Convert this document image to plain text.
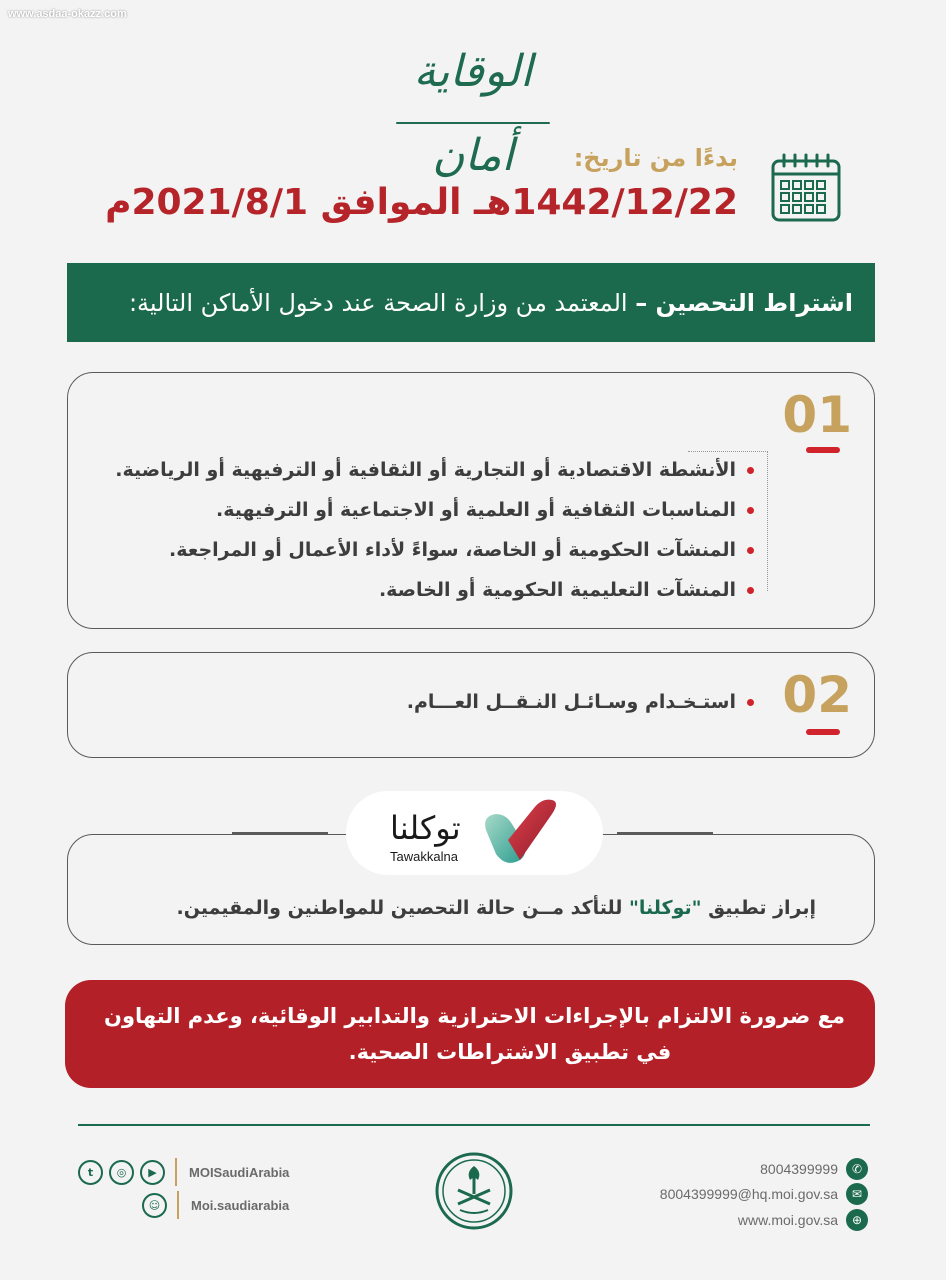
www.asdaa-okazz.com
الوقاية أمان	بدءًا من تاريخ:
1442/12/22هـ الموافق 2021/8/1م
اشتراط التحصين –
المعتمد من وزارة الصحة عند دخول الأماكن التالية:
01
الأنشطة الاقتصادية أو التجارية أو الثقافية أو الترفيهية أو الرياضية.
المناسبات الثقافية أو العلمية أو الاجتماعية أو الترفيهية.
المنشآت الحكومية أو الخاصة، سواءً لأداء الأعمال أو المراجعة.
المنشآت التعليمية الحكومية أو الخاصة.
02
استـخـدام وسـائـل النـقــل العـــام.
إبراز تطبيق "توكلنا" للتأكد مــن حالة التحصين للمواطنين والمقيمين.
توكلنا
Tawakkalna
مع ضرورة الالتزام بالإجراءات الاحترازية والتدابير الوقائية، وعدم التهاون
في تطبيق الاشتراطات الصحية.
t	◎	▶	MOISaudiArabia
☺	Moi.saudiarabia
8004399999	✆
8004399999@hq.moi.gov.sa	✉
www.moi.gov.sa	⊕
